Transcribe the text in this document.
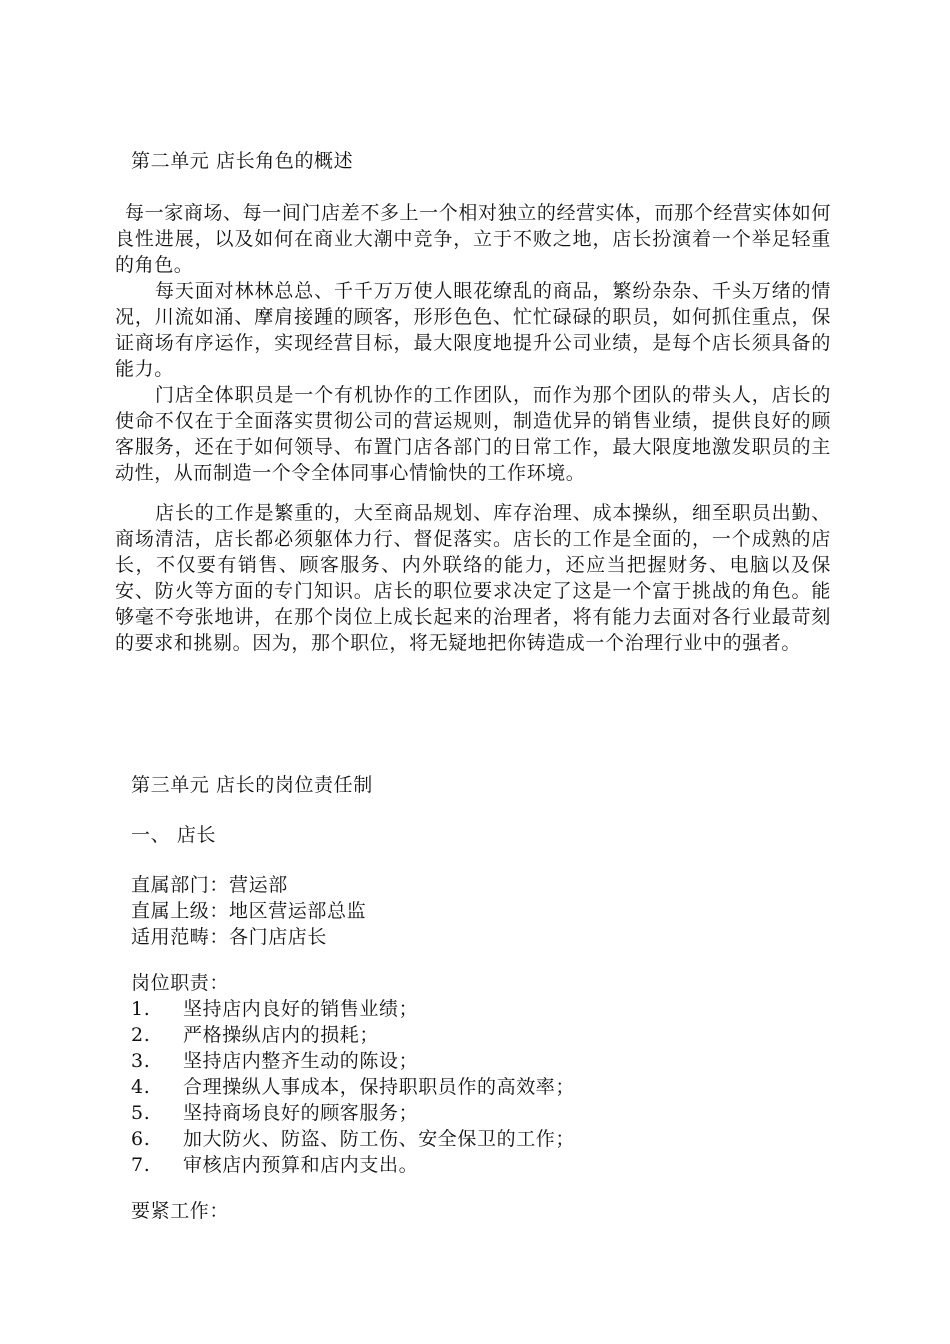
第二单元 店长角色的概述
每一家商场、每一间门店差不多上一个相对独立的经营实体，而那个经营实体如何良性进展，以及如何在商业大潮中竞争，立于不败之地，店长扮演着一个举足轻重的角色。
每天面对林林总总、千千万万使人眼花缭乱的商品，繁纷杂杂、千头万绪的情况，川流如涌、摩肩接踵的顾客，形形色色、忙忙碌碌的职员，如何抓住重点，保证商场有序运作，实现经营目标，最大限度地提升公司业绩，是每个店长须具备的能力。
门店全体职员是一个有机协作的工作团队，而作为那个团队的带头人，店长的使命不仅在于全面落实贯彻公司的营运规则，制造优异的销售业绩，提供良好的顾客服务，还在于如何领导、布置门店各部门的日常工作，最大限度地激发职员的主动性，从而制造一个令全体同事心情愉快的工作环境。
店长的工作是繁重的，大至商品规划、库存治理、成本操纵，细至职员出勤、商场清洁，店长都必须躯体力行、督促落实。店长的工作是全面的，一个成熟的店长，不仅要有销售、顾客服务、内外联络的能力，还应当把握财务、电脑以及保安、防火等方面的专门知识。店长的职位要求决定了这是一个富于挑战的角色。能够毫不夸张地讲，在那个岗位上成长起来的治理者，将有能力去面对各行业最苛刻的要求和挑剔。因为，那个职位，将无疑地把你铸造成一个治理行业中的强者。
第三单元 店长的岗位责任制
一、 店长
直属部门：营运部
直属上级：地区营运部总监
适用范畴：各门店店长
岗位职责：
1. 坚持店内良好的销售业绩；
2. 严格操纵店内的损耗；
3. 坚持店内整齐生动的陈设；
4. 合理操纵人事成本，保持职职员作的高效率；
5. 坚持商场良好的顾客服务；
6. 加大防火、防盗、防工伤、安全保卫的工作；
7. 审核店内预算和店内支出。
要紧工作：
